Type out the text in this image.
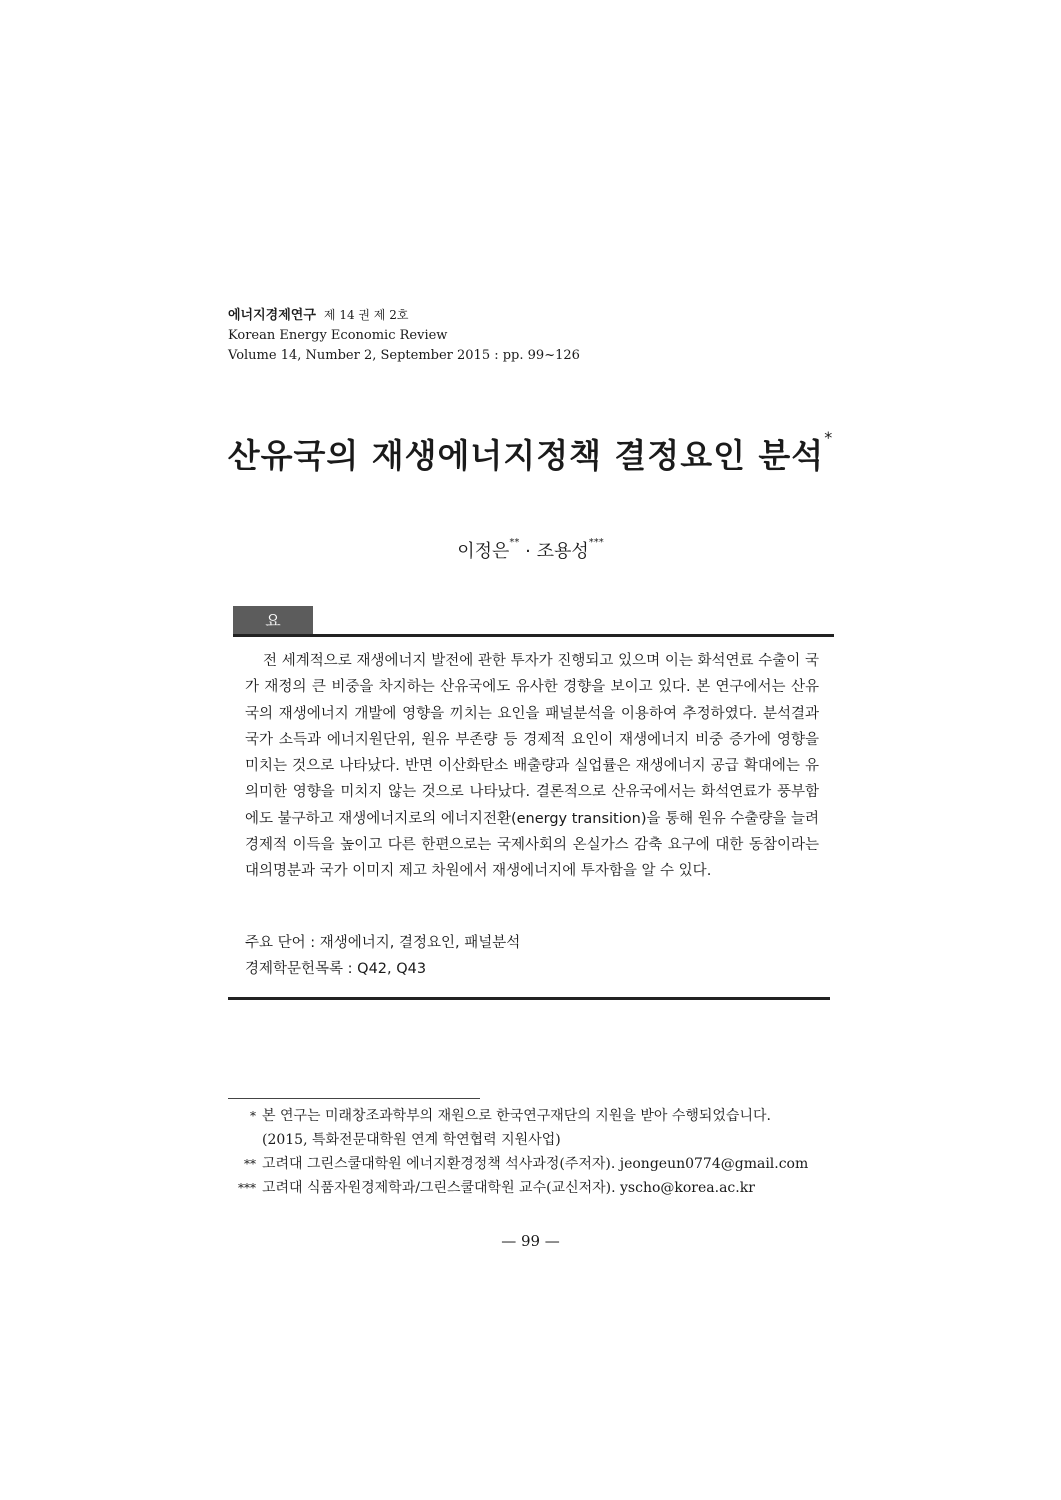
에너지경제연구 제 14 권 제 2호
Korean Energy Economic Review
Volume 14, Number 2, September 2015 : pp. 99~126
산유국의 재생에너지정책 결정요인 분석*
이정은** · 조용성***
요 약
전 세계적으로 재생에너지 발전에 관한 투자가 진행되고 있으며 이는 화석연료 수출이 국가 재정의 큰 비중을 차지하는 산유국에도 유사한 경향을 보이고 있다. 본 연구에서는 산유국의 재생에너지 개발에 영향을 끼치는 요인을 패널분석을 이용하여 추정하였다. 분석결과 국가 소득과 에너지원단위, 원유 부존량 등 경제적 요인이 재생에너지 비중 증가에 영향을 미치는 것으로 나타났다. 반면 이산화탄소 배출량과 실업률은 재생에너지 공급 확대에는 유의미한 영향을 미치지 않는 것으로 나타났다. 결론적으로 산유국에서는 화석연료가 풍부함에도 불구하고 재생에너지로의 에너지전환(energy transition)을 통해 원유 수출량을 늘려 경제적 이득을 높이고 다른 한편으로는 국제사회의 온실가스 감축 요구에 대한 동참이라는 대의명분과 국가 이미지 제고 차원에서 재생에너지에 투자함을 알 수 있다.
주요 단어 : 재생에너지, 결정요인, 패널분석
경제학문헌목록 : Q42, Q43
* 본 연구는 미래창조과학부의 재원으로 한국연구재단의 지원을 받아 수행되었습니다.
(2015, 특화전문대학원 연계 학연협력 지원사업)
** 고려대 그린스쿨대학원 에너지환경정책 석사과정(주저자). jeongeun0774@gmail.com
*** 고려대 식품자원경제학과/그린스쿨대학원 교수(교신저자). yscho@korea.ac.kr
— 99 —
